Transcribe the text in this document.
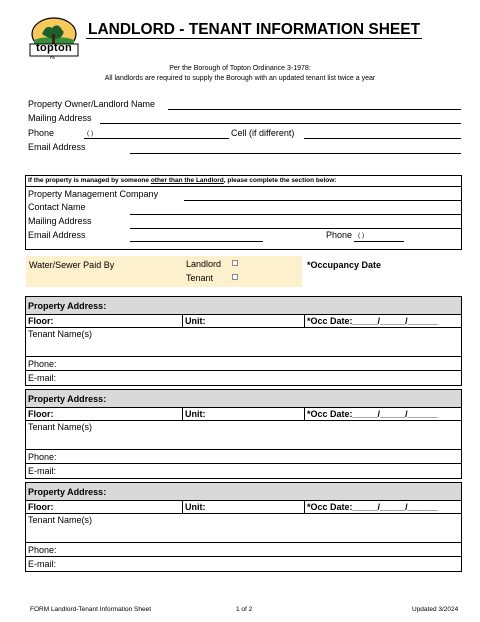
topton
PA
LANDLORD - TENANT INFORMATION SHEET
Per the Borough of Topton Ordinance 3-1978:
All landlords are required to supply the Borough with an updated tenant list twice a year
Property Owner/Landlord Name
Mailing Address
Phone	( )	Cell (if different)
Email Address
If the property is managed by someone other than the Landlord, please complete the section below:
Property Management Company
Contact Name
Mailing Address
Email Address	Phone ( )
Water/Sewer Paid By	Landlord
Tenant
*Occupancy Date
Property Address:
Floor:	Unit:	*Occ Date:_____/_____/______
Tenant Name(s)
Phone:
E-mail:
Property Address:
Floor:	Unit:	*Occ Date:_____/_____/______
Tenant Name(s)
Phone:
E-mail:
Property Address:
Floor:	Unit:	*Occ Date:_____/_____/______
Tenant Name(s)
Phone:
E-mail:
FORM Landlord-Tenant Information Sheet	1 of 2	Updated 3/2024
